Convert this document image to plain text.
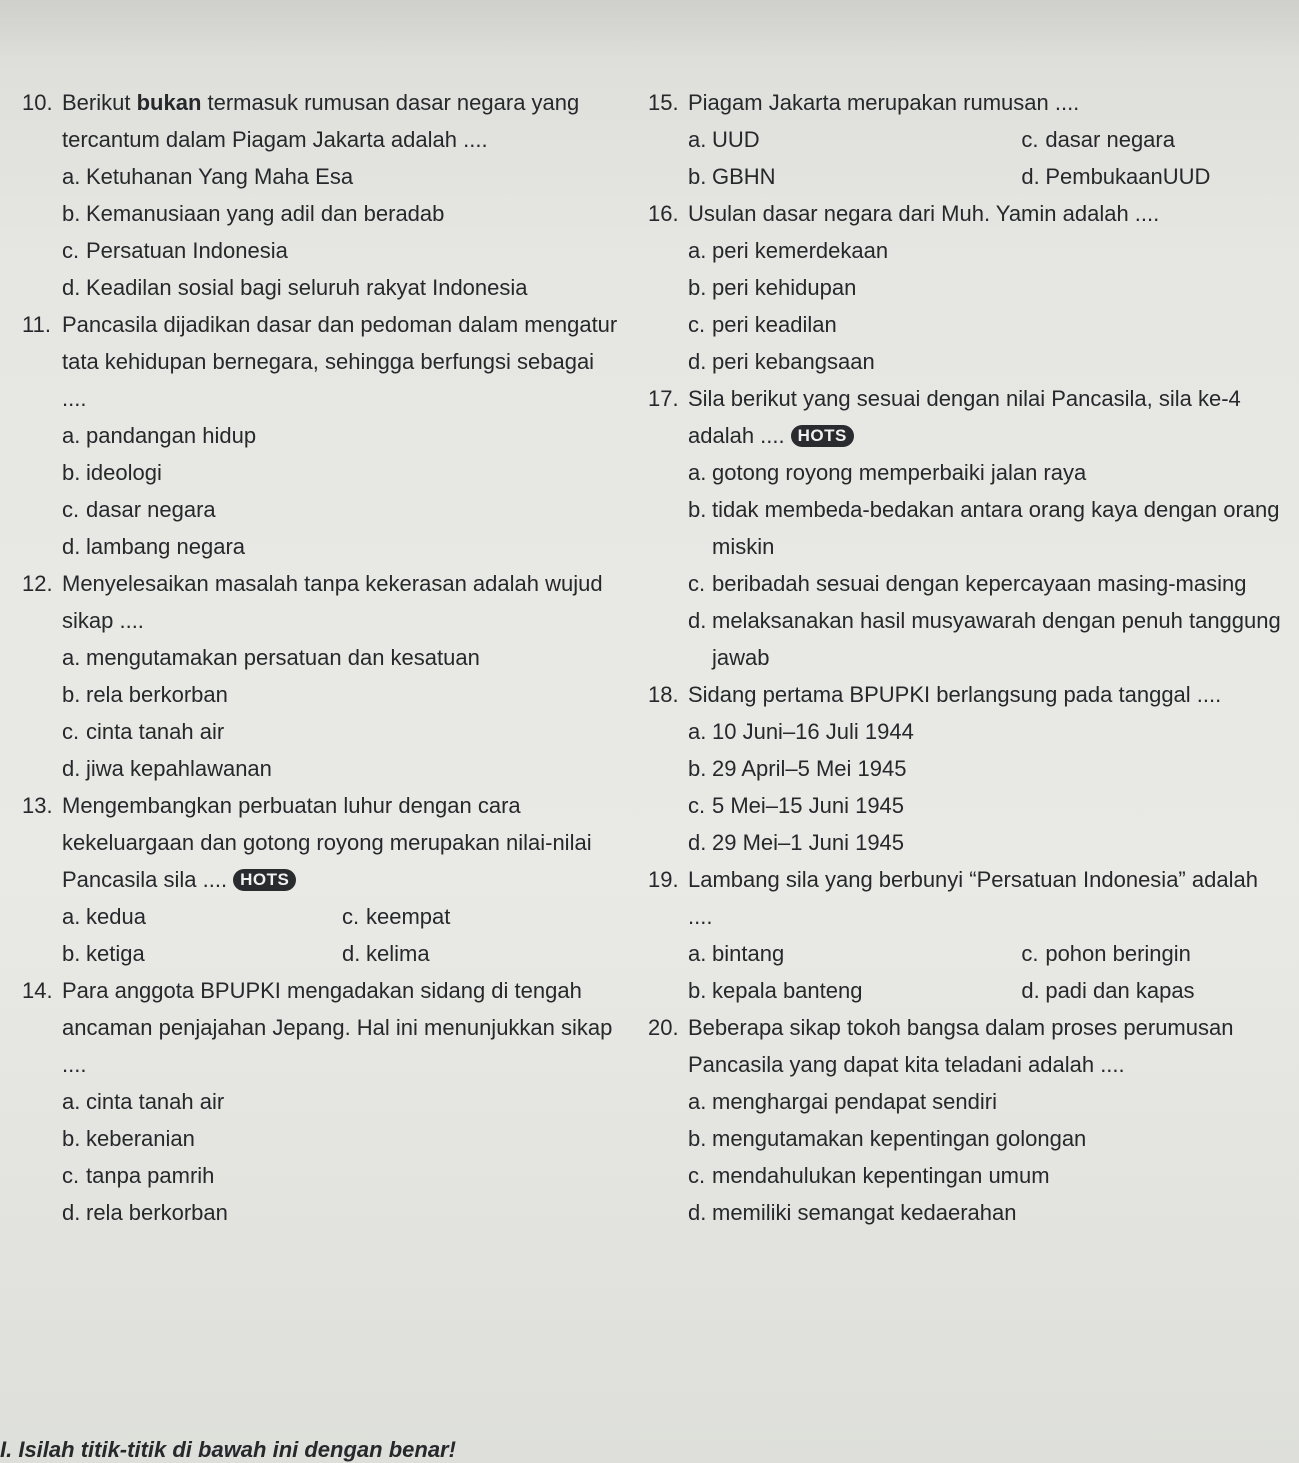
10. Berikut bukan termasuk rumusan dasar negara yang tercantum dalam Piagam Jakarta adalah ....
a. Ketuhanan Yang Maha Esa
b. Kemanusiaan yang adil dan beradab
c. Persatuan Indonesia
d. Keadilan sosial bagi seluruh rakyat Indonesia
11. Pancasila dijadikan dasar dan pedoman dalam mengatur tata kehidupan bernegara, sehingga berfungsi sebagai ....
a. pandangan hidup
b. ideologi
c. dasar negara
d. lambang negara
12. Menyelesaikan masalah tanpa kekerasan adalah wujud sikap ....
a. mengutamakan persatuan dan kesatuan
b. rela berkorban
c. cinta tanah air
d. jiwa kepahlawanan
13. Mengembangkan perbuatan luhur dengan cara kekeluargaan dan gotong royong merupakan nilai-nilai Pancasila sila .... HOTS
a. kedua	c. keempat
b. ketiga	d. kelima
14. Para anggota BPUPKI mengadakan sidang di tengah ancaman penjajahan Jepang. Hal ini menunjukkan sikap ....
a. cinta tanah air
b. keberanian
c. tanpa pamrih
d. rela berkorban
15. Piagam Jakarta merupakan rumusan ....
a. UUD	c. dasar negara
b. GBHN	d. PembukaanUUD
16. Usulan dasar negara dari Muh. Yamin adalah ....
a. peri kemerdekaan
b. peri kehidupan
c. peri keadilan
d. peri kebangsaan
17. Sila berikut yang sesuai dengan nilai Pancasila, sila ke-4 adalah .... HOTS
a. gotong royong memperbaiki jalan raya
b. tidak membeda-bedakan antara orang kaya dengan orang miskin
c. beribadah sesuai dengan kepercayaan masing-masing
d. melaksanakan hasil musyawarah dengan penuh tanggung jawab
18. Sidang pertama BPUPKI berlangsung pada tanggal ....
a. 10 Juni–16 Juli 1944
b. 29 April–5 Mei 1945
c. 5 Mei–15 Juni 1945
d. 29 Mei–1 Juni 1945
19. Lambang sila yang berbunyi “Persatuan Indonesia” adalah ....
a. bintang	c. pohon beringin
b. kepala banteng	d. padi dan kapas
20. Beberapa sikap tokoh bangsa dalam proses perumusan Pancasila yang dapat kita teladani adalah ....
a. menghargai pendapat sendiri
b. mengutamakan kepentingan golongan
c. mendahulukan kepentingan umum
d. memiliki semangat kedaerahan
I. Isilah titik-titik di bawah ini dengan benar!
